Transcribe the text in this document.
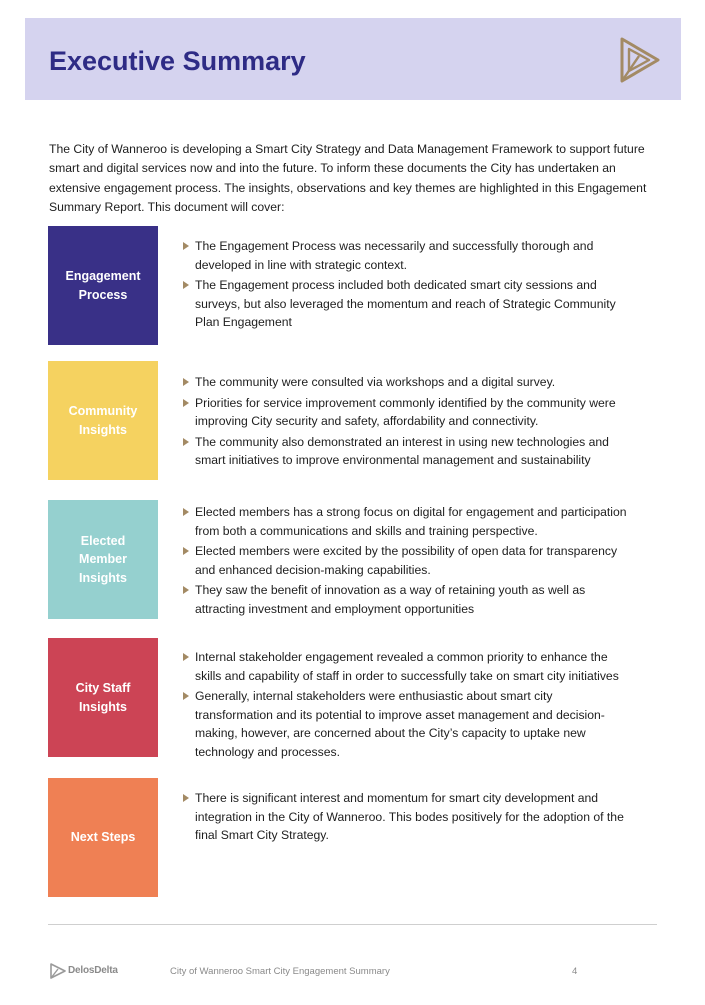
Executive Summary

The City of Wanneroo is developing a Smart City Strategy and Data Management Framework to support future smart and digital services now and into the future. To inform these documents the City has undertaken an extensive engagement process. The insights, observations and key themes are highlighted in this Engagement Summary Report. This document will cover:

Engagement Process
The Engagement Process was necessarily and successfully thorough and developed in line with strategic context.
The Engagement process included both dedicated smart city sessions and surveys, but also leveraged the momentum and reach of Strategic Community Plan Engagement
Community Insights
The community were consulted via workshops and a digital survey.
Priorities for service improvement commonly identified by the community were improving City security and safety, affordability and connectivity.
The community also demonstrated an interest in using new technologies and smart initiatives to improve environmental management and sustainability
Elected Member Insights
Elected members has a strong focus on digital for engagement and participation from both a communications and skills and training perspective.
Elected members were excited by the possibility of open data for transparency and enhanced decision-making capabilities.
They saw the benefit of innovation as a way of retaining youth as well as attracting investment and employment opportunities
City Staff Insights
Internal stakeholder engagement revealed a common priority to enhance the skills and capability of staff in order to successfully take on smart city initiatives
Generally, internal stakeholders were enthusiastic about smart city transformation and its potential to improve asset management and decision-making, however, are concerned about the City’s capacity to uptake new technology and processes.
Next Steps
There is significant interest and momentum for smart city development and integration in the City of Wanneroo. This bodes positively for the adoption of the final Smart City Strategy.
DelosDelta	City of Wanneroo Smart City Engagement Summary	4
